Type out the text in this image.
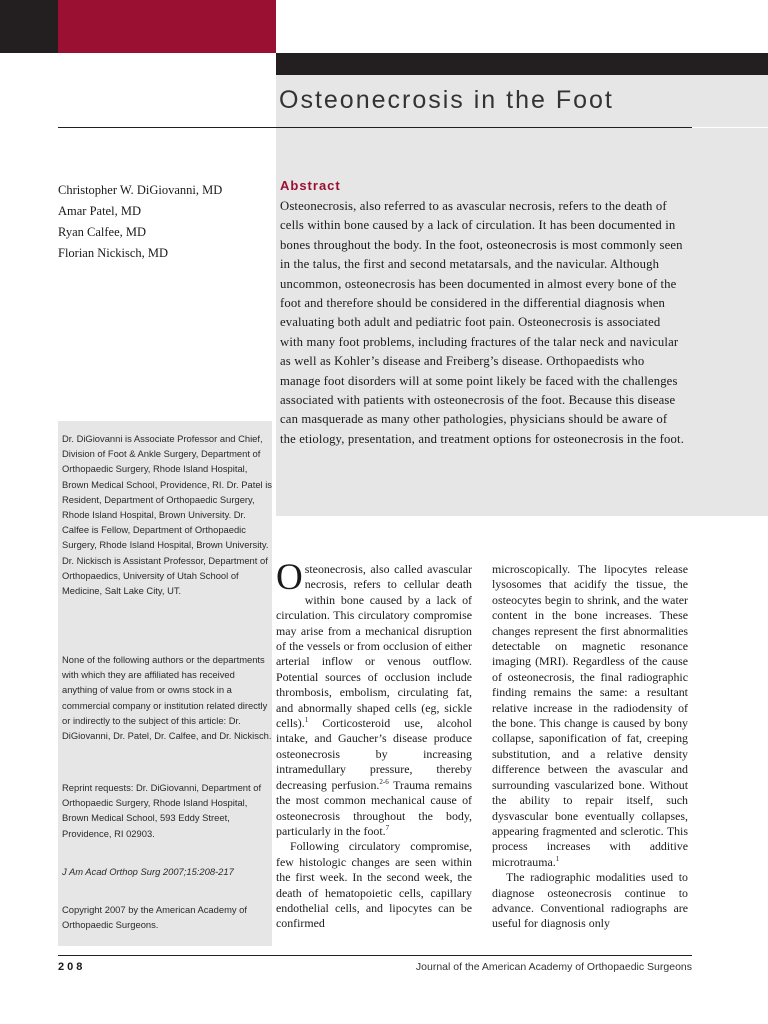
Osteonecrosis in the Foot
Christopher W. DiGiovanni, MD
Amar Patel, MD
Ryan Calfee, MD
Florian Nickisch, MD
Abstract

Osteonecrosis, also referred to as avascular necrosis, refers to the death of cells within bone caused by a lack of circulation. It has been documented in bones throughout the body. In the foot, osteonecrosis is most commonly seen in the talus, the first and second metatarsals, and the navicular. Although uncommon, osteonecrosis has been documented in almost every bone of the foot and therefore should be considered in the differential diagnosis when evaluating both adult and pediatric foot pain. Osteonecrosis is associated with many foot problems, including fractures of the talar neck and navicular as well as Kohler’s disease and Freiberg’s disease. Orthopaedists who manage foot disorders will at some point likely be faced with the challenges associated with patients with osteonecrosis of the foot. Because this disease can masquerade as many other pathologies, physicians should be aware of the etiology, presentation, and treatment options for osteonecrosis in the foot.

Dr. DiGiovanni is Associate Professor and Chief, Division of Foot & Ankle Surgery, Department of Orthopaedic Surgery, Rhode Island Hospital, Brown Medical School, Providence, RI. Dr. Patel is Resident, Department of Orthopaedic Surgery, Rhode Island Hospital, Brown University. Dr. Calfee is Fellow, Department of Orthopaedic Surgery, Rhode Island Hospital, Brown University. Dr. Nickisch is Assistant Professor, Department of Orthopaedics, University of Utah School of Medicine, Salt Lake City, UT.

None of the following authors or the departments with which they are affiliated has received anything of value from or owns stock in a commercial company or institution related directly or indirectly to the subject of this article: Dr. DiGiovanni, Dr. Patel, Dr. Calfee, and Dr. Nickisch.

Reprint requests: Dr. DiGiovanni, Department of Orthopaedic Surgery, Rhode Island Hospital, Brown Medical School, 593 Eddy Street, Providence, RI 02903.

J Am Acad Orthop Surg 2007;15:208-217

Copyright 2007 by the American Academy of Orthopaedic Surgeons.

Osteonecrosis, also called avascular necrosis, refers to cellular death within bone caused by a lack of circulation. This circulatory compromise may arise from a mechanical disruption of the vessels or from occlusion of either arterial inflow or venous outflow. Potential sources of occlusion include thrombosis, embolism, circulating fat, and abnormally shaped cells (eg, sickle cells).$^1$ Corticosteroid use, alcohol intake, and Gaucher’s disease produce osteonecrosis by increasing intramedullary pressure, thereby decreasing perfusion.$^{2-6}$ Trauma remains the most common mechanical cause of osteonecrosis throughout the body, particularly in the foot.$^7$

Following circulatory compromise, few histologic changes are seen within the first week. In the second week, the death of hematopoietic cells, capillary endothelial cells, and lipocytes can be confirmed

microscopically. The lipocytes release lysosomes that acidify the tissue, the osteocytes begin to shrink, and the water content in the bone increases. These changes represent the first abnormalities detectable on magnetic resonance imaging (MRI). Regardless of the cause of osteonecrosis, the final radiographic finding remains the same: a resultant relative increase in the radiodensity of the bone. This change is caused by bony collapse, saponification of fat, creeping substitution, and a relative density difference between the avascular and surrounding vascularized bone. Without the ability to repair itself, such dysvascular bone eventually collapses, appearing fragmented and sclerotic. This process increases with additive microtrauma.$^1$

The radiographic modalities used to diagnose osteonecrosis continue to advance. Conventional radiographs are useful for diagnosis only

208	Journal of the American Academy of Orthopaedic Surgeons
